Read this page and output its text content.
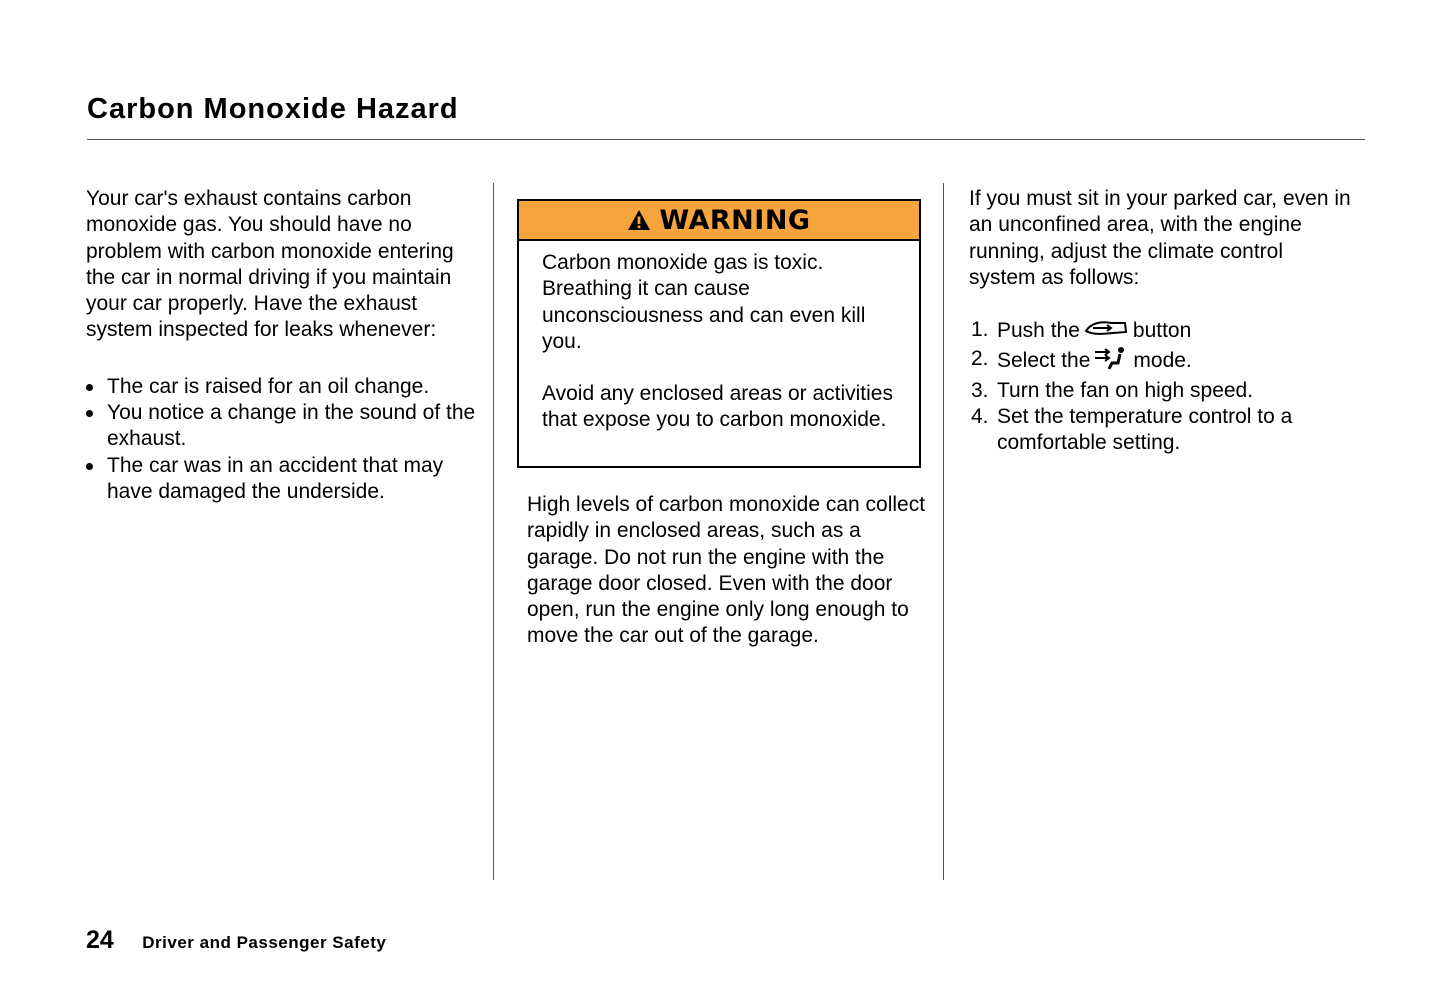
Carbon Monoxide Hazard

Your car's exhaust contains carbon monoxide gas. You should have no problem with carbon monoxide entering the car in normal driving if you maintain your car properly. Have the exhaust system inspected for leaks whenever:

The car is raised for an oil change.
You notice a change in the sound of the exhaust.
The car was in an accident that may have damaged the underside.
WARNING

Carbon monoxide gas is toxic. Breathing it can cause unconsciousness and can even kill you.

Avoid any enclosed areas or activities that expose you to carbon monoxide.

High levels of carbon monoxide can collect rapidly in enclosed areas, such as a garage. Do not run the engine with the garage door closed. Even with the door open, run the engine only long enough to move the car out of the garage.

If you must sit in your parked car, even in an unconfined area, with the engine running, adjust the climate control system as follows:

1. Push the	button
2. Select the mode.
3. Turn the fan on high speed.
4. Set the temperature control to a comfortable setting.
24 Driver and Passenger Safety
